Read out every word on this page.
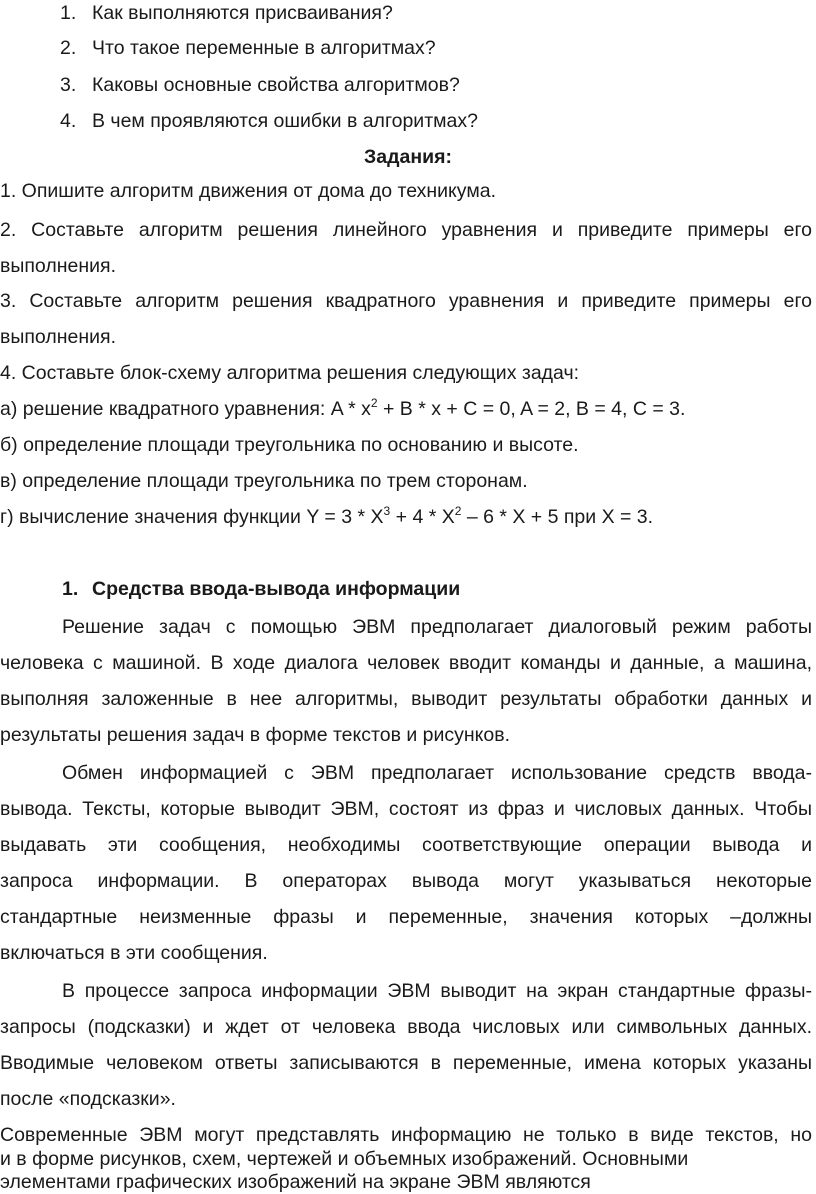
1. Как выполняются присваивания?
2. Что такое переменные в алгоритмах?
3. Каковы основные свойства алгоритмов?
4. В чем проявляются ошибки в алгоритмах?
Задания:
1. Опишите алгоритм движения от дома до техникума.
2. Составьте алгоритм решения линейного уравнения и приведите примеры его
выполнения.
3. Составьте алгоритм решения квадратного уравнения и приведите примеры его
выполнения.
4. Составьте блок-схему алгоритма решения следующих задач:
а) решение квадратного уравнения: $A * x^2 + B * x + C = 0$, A = 2, B = 4, C = 3.
б) определение площади треугольника по основанию и высоте.
в) определение площади треугольника по трем сторонам.
г) вычисление значения функции $Y = 3 * X^3 + 4 * X^2 - 6 * X + 5$ при X = 3.
1. Средства ввода-вывода информации
Решение задач с помощью ЭВМ предполагает диалоговый режим работы
человека с машиной. В ходе диалога человек вводит команды и данные, а машина,
выполняя заложенные в нее алгоритмы, выводит результаты обработки данных и
результаты решения задач в форме текстов и рисунков.
Обмен информацией с ЭВМ предполагает использование средств ввода-
вывода. Тексты, которые выводит ЭВМ, состоят из фраз и числовых данных. Чтобы
выдавать эти сообщения, необходимы соответствующие операции вывода и
запроса информации. В операторах вывода могут указываться некоторые
стандартные неизменные фразы и переменные, значения которых –должны
включаться в эти сообщения.
В процессе запроса информации ЭВМ выводит на экран стандартные фразы-
запросы (подсказки) и ждет от человека ввода числовых или символьных данных.
Вводимые человеком ответы записываются в переменные, имена которых указаны
после «подсказки».
Современные ЭВМ могут представлять информацию не только в виде текстов, но
и в форме рисунков, схем, чертежей и объемных изображений. Основными
элементами графических изображений на экране ЭВМ являются
